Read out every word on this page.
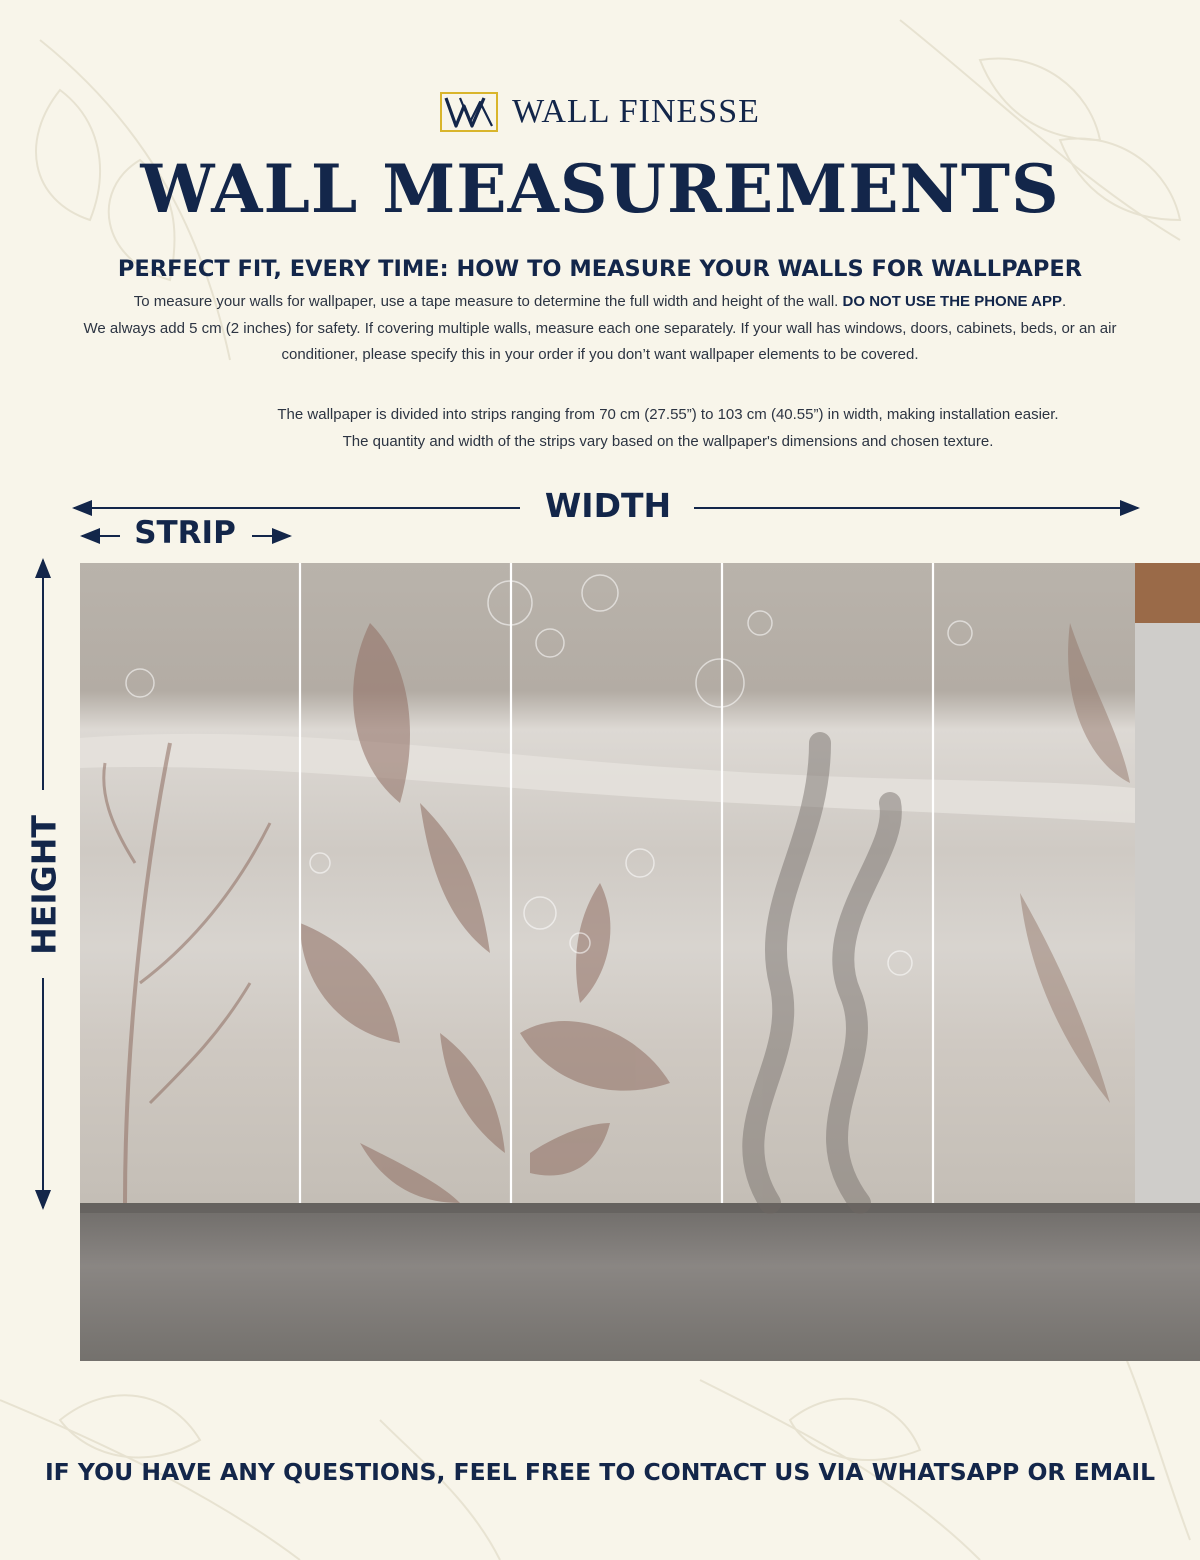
WALL FINESSE
WALL MEASUREMENTS
PERFECT FIT, EVERY TIME: HOW TO MEASURE YOUR WALLS FOR WALLPAPER

To measure your walls for wallpaper, use a tape measure to determine the full width and height of the wall. DO NOT USE THE PHONE APP.
We always add 5 cm (2 inches) for safety. If covering multiple walls, measure each one separately. If your wall has windows, doors, cabinets, beds, or an air conditioner, please specify this in your order if you don’t want wallpaper elements to be covered.

The wallpaper is divided into strips ranging from 70 cm (27.55”) to 103 cm (40.55”) in width, making installation easier.
The quantity and width of the strips vary based on the wallpaper's dimensions and chosen texture.

WIDTH
STRIP
HEIGHT

IF YOU HAVE ANY QUESTIONS, FEEL FREE TO CONTACT US VIA WHATSAPP OR EMAIL
